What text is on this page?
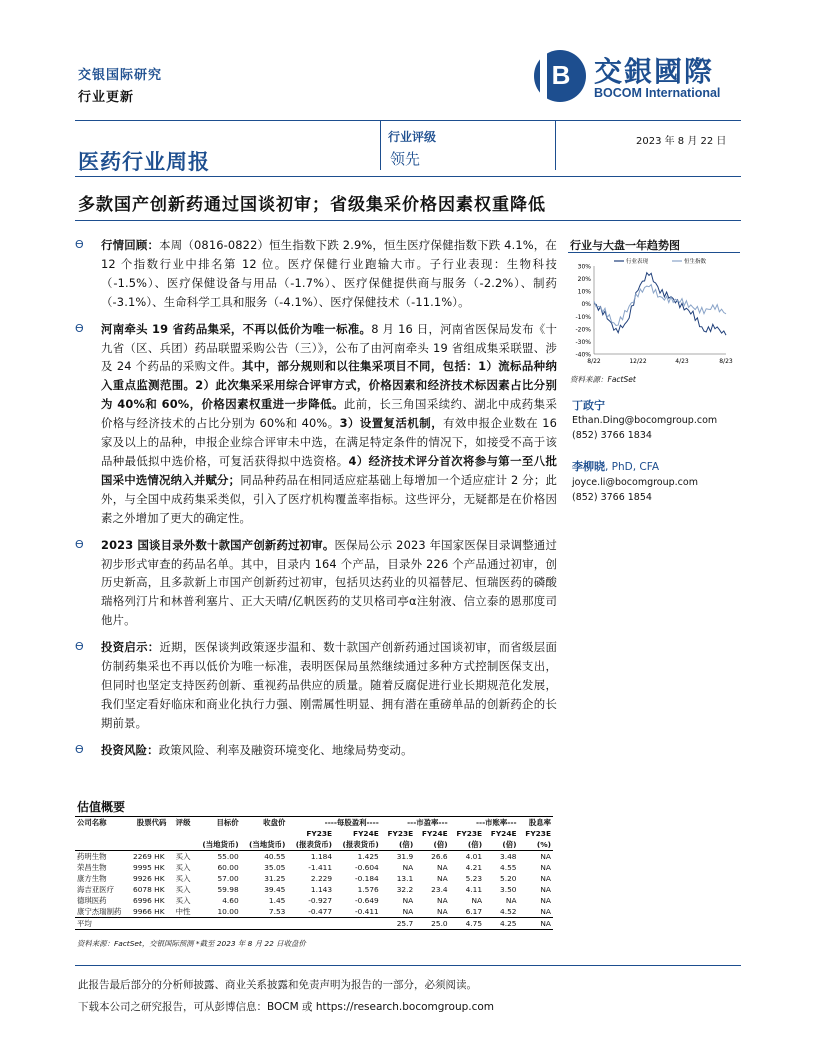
交银国际研究
行业更新
B 交銀國際
BOCOM International
医药行业周报
行业评级
领先
2023 年 8 月 22 日
多款国产创新药通过国谈初审；省级集采价格因素权重降低
ϴ 行情回顾：本周（0816-0822）恒生指数下跌 2.9%，恒生医疗保健指数下跌 4.1%，在 12 个指数行业中排名第 12 位。医疗保健行业跑输大市。子行业表现：生物科技（-1.5%）、医疗保健设备与用品（-1.7%）、医疗保健提供商与服务（-2.2%）、制药（-3.1%）、生命科学工具和服务（-4.1%）、医疗保健技术（-11.1%）。
ϴ 河南牵头 19 省药品集采，不再以低价为唯一标准。8 月 16 日，河南省医保局发布《十九省（区、兵团）药品联盟采购公告（三）》，公布了由河南牵头 19 省组成集采联盟、涉及 24 个药品的采购文件。其中，部分规则和以往集采项目不同，包括：1）流标品种纳入重点监测范围。2）此次集采采用综合评审方式，价格因素和经济技术标因素占比分别为 40%和 60%，价格因素权重进一步降低。此前，长三角国采续约、湖北中成药集采价格与经济技术的占比分别为 60%和 40%。3）设置复活机制，有效申报企业数在 16 家及以上的品种，申报企业综合评审未中选，在满足特定条件的情况下，如接受不高于该品种最低拟中选价格，可复活获得拟中选资格。4）经济技术评分首次将参与第一至八批国采中选情况纳入并赋分；同品种药品在相同适应症基础上每增加一个适应症计 2 分；此外，与全国中成药集采类似，引入了医疗机构覆盖率指标。这些评分，无疑都是在价格因素之外增加了更大的确定性。
ϴ 2023 国谈目录外数十款国产创新药过初审。医保局公示 2023 年国家医保目录调整通过初步形式审查的药品名单。其中，目录内 164 个产品，目录外 226 个产品通过初审，创历史新高，且多款新上市国产创新药过初审，包括贝达药业的贝福替尼、恒瑞医药的磷酸瑞格列汀片和林普利塞片、正大天晴/亿帆医药的艾贝格司亭α注射液、信立泰的恩那度司他片。
ϴ 投资启示：近期，医保谈判政策逐步温和、数十款国产创新药通过国谈初审，而省级层面仿制药集采也不再以低价为唯一标准，表明医保局虽然继续通过多种方式控制医保支出，但同时也坚定支持医药创新、重视药品供应的质量。随着反腐促进行业长期规范化发展，我们坚定看好临床和商业化执行力强、刚需属性明显、拥有潜在重磅单品的创新药企的长期前景。
ϴ 投资风险：政策风险、利率及融资环境变化、地缘局势变动。
行业与大盘一年趋势图
30%
20%
10%
0%
-10%
-20%
-30%
-40%
8/22	12/22	4/23	8/23
行业表现	恒生指数
资料来源：FactSet
丁政宁
Ethan.Ding@bocomgroup.com
(852) 3766 1834
李柳晓, PhD, CFA
joyce.li@bocomgroup.com
(852) 3766 1854
估值概要
公司名称	股票代码	评级	目标价	收盘价	----每股盈利----		---市盈率---		---市账率---		股息率
					FY23E	FY24E	FY23E	FY24E	FY23E	FY24E	FY23E
			(当地货币)	(当地货币)	(报表货币)	(报表货币)	(倍)	(倍)	(倍)	(倍)	(%)
药明生物	2269 HK	买入	55.00	40.55	1.184	1.425	31.9	26.6	4.01	3.48	NA
荣昌生物	9995 HK	买入	60.00	35.05	-1.411	-0.604	NA	NA	4.21	4.55	NA
康方生物	9926 HK	买入	57.00	31.25	2.229	-0.184	13.1	NA	5.23	5.20	NA
海吉亚医疗	6078 HK	买入	59.98	39.45	1.143	1.576	32.2	23.4	4.11	3.50	NA
德琪医药	6996 HK	买入	4.60	1.45	-0.927	-0.649	NA	NA	NA	NA	NA
康宁杰瑞制药	9966 HK	中性	10.00	7.53	-0.477	-0.411	NA	NA	6.17	4.52	NA
平均							25.7	25.0	4.75	4.25	NA
资料来源：FactSet，交银国际预测 *截至 2023 年 8 月 22 日收盘价
此报告最后部分的分析师披露、商业关系披露和免责声明为报告的一部分，必须阅读。
下载本公司之研究报告，可从彭博信息：BOCM 或 https://research.bocomgroup.com
